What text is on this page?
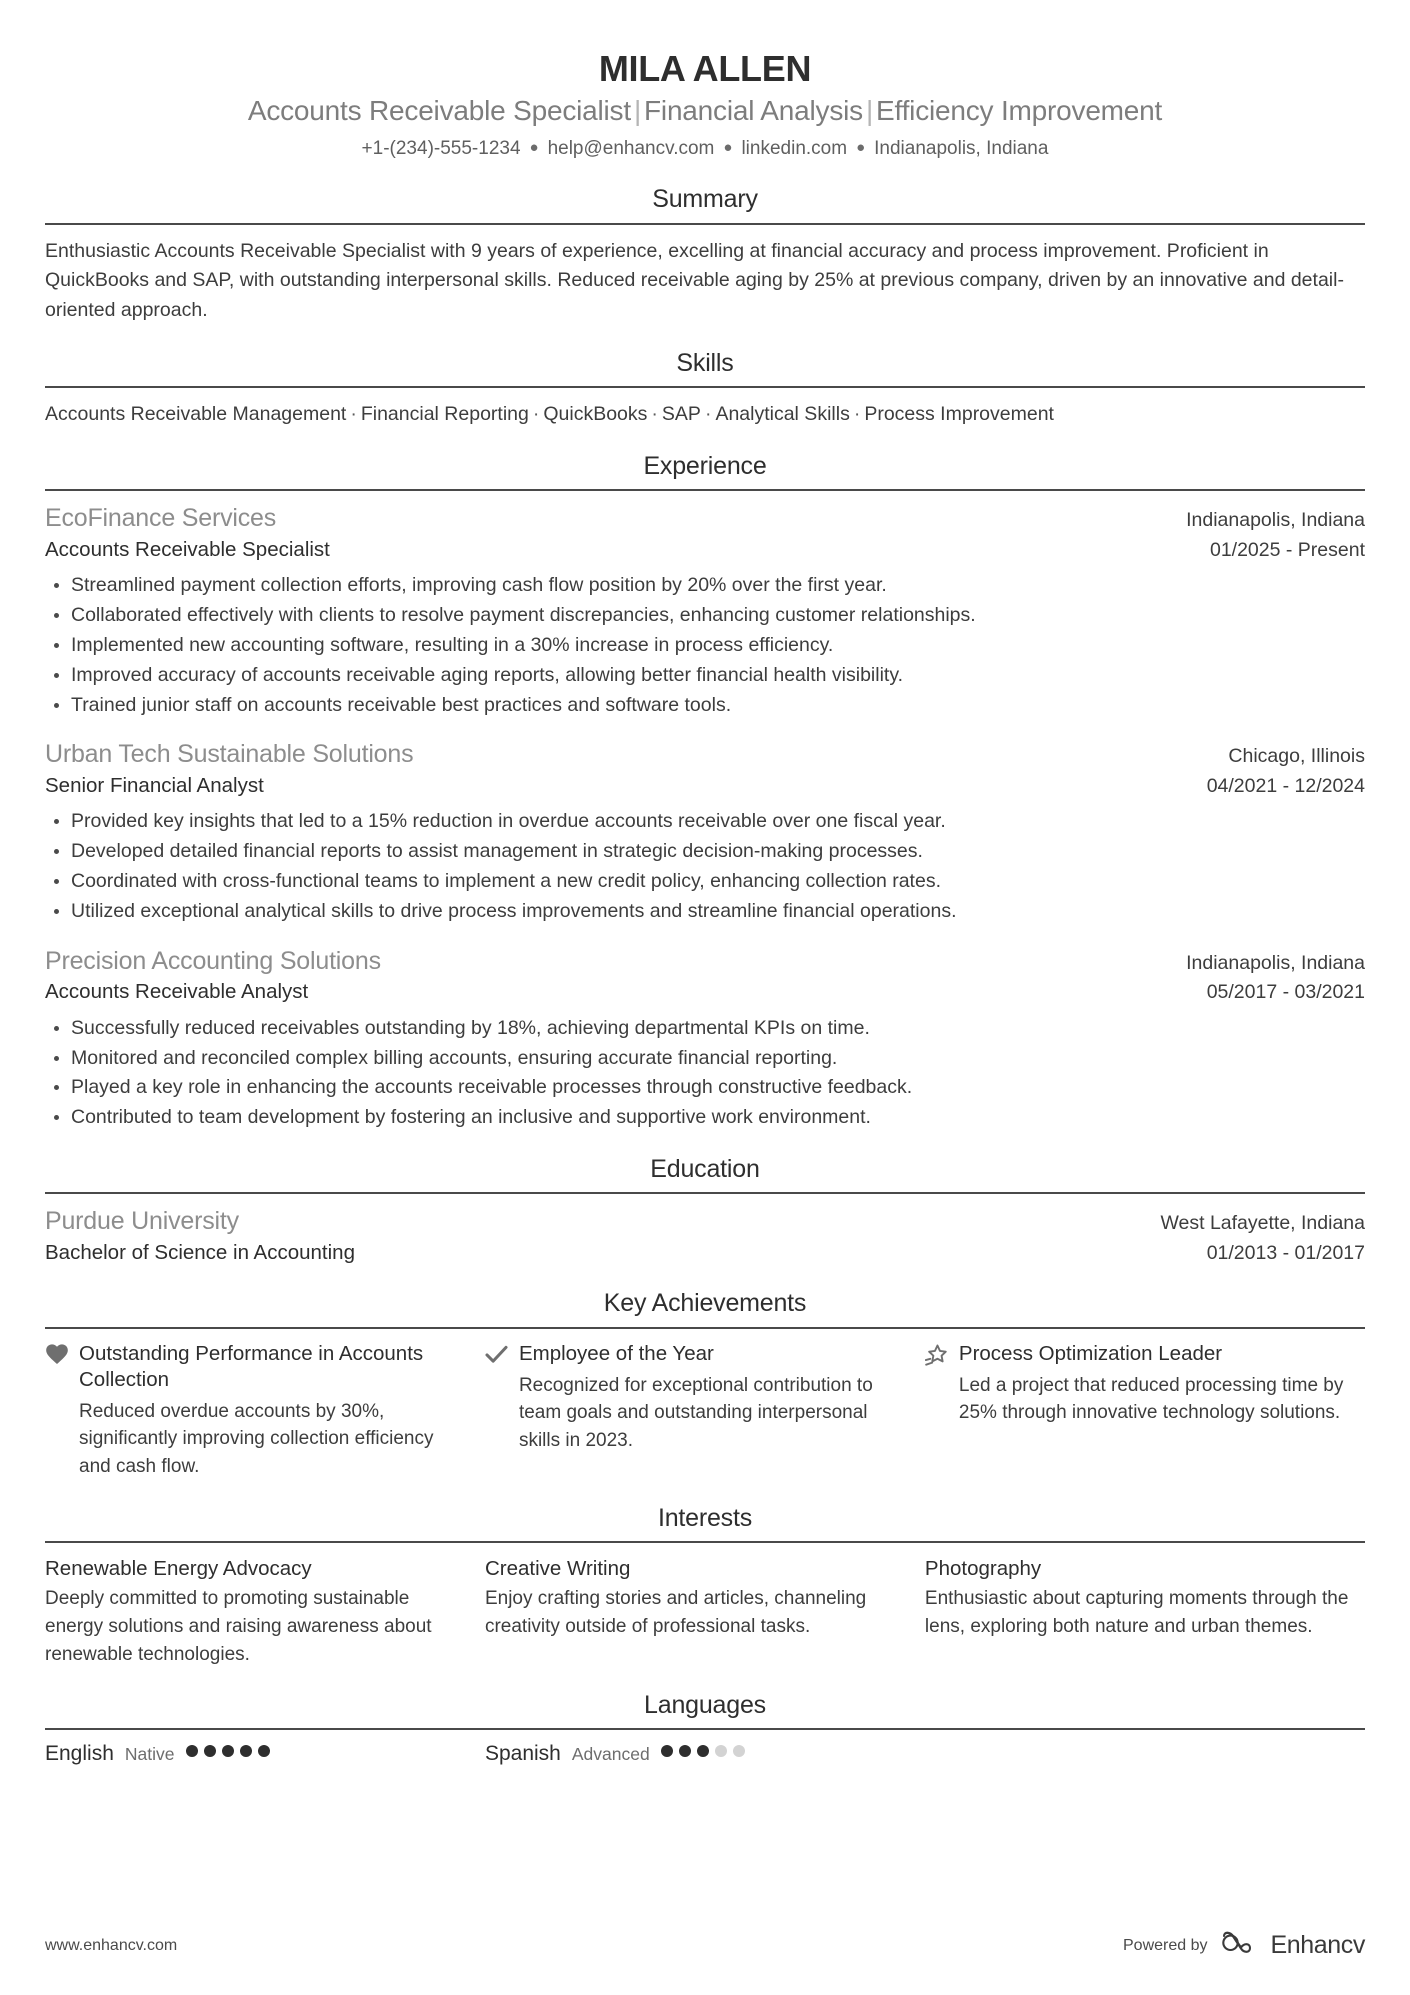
MILA ALLEN
Accounts Receivable Specialist | Financial Analysis | Efficiency Improvement
+1-(234)-555-1234 ● help@enhancv.com ● linkedin.com ● Indianapolis, Indiana
Summary
Enthusiastic Accounts Receivable Specialist with 9 years of experience, excelling at financial accuracy and process improvement. Proficient in QuickBooks and SAP, with outstanding interpersonal skills. Reduced receivable aging by 25% at previous company, driven by an innovative and detail-oriented approach.
Skills
Accounts Receivable Management · Financial Reporting · QuickBooks · SAP · Analytical Skills · Process Improvement
Experience
EcoFinance Services	Indianapolis, Indiana
Accounts Receivable Specialist	01/2025 - Present
Streamlined payment collection efforts, improving cash flow position by 20% over the first year.
Collaborated effectively with clients to resolve payment discrepancies, enhancing customer relationships.
Implemented new accounting software, resulting in a 30% increase in process efficiency.
Improved accuracy of accounts receivable aging reports, allowing better financial health visibility.
Trained junior staff on accounts receivable best practices and software tools.
Urban Tech Sustainable Solutions	Chicago, Illinois
Senior Financial Analyst	04/2021 - 12/2024
Provided key insights that led to a 15% reduction in overdue accounts receivable over one fiscal year.
Developed detailed financial reports to assist management in strategic decision-making processes.
Coordinated with cross-functional teams to implement a new credit policy, enhancing collection rates.
Utilized exceptional analytical skills to drive process improvements and streamline financial operations.
Precision Accounting Solutions	Indianapolis, Indiana
Accounts Receivable Analyst	05/2017 - 03/2021
Successfully reduced receivables outstanding by 18%, achieving departmental KPIs on time.
Monitored and reconciled complex billing accounts, ensuring accurate financial reporting.
Played a key role in enhancing the accounts receivable processes through constructive feedback.
Contributed to team development by fostering an inclusive and supportive work environment.
Education
Purdue University	West Lafayette, Indiana
Bachelor of Science in Accounting	01/2013 - 01/2017
Key Achievements
Outstanding Performance in Accounts Collection
Reduced overdue accounts by 30%, significantly improving collection efficiency and cash flow.
Employee of the Year
Recognized for exceptional contribution to team goals and outstanding interpersonal skills in 2023.
Process Optimization Leader
Led a project that reduced processing time by 25% through innovative technology solutions.
Interests
Renewable Energy Advocacy
Deeply committed to promoting sustainable energy solutions and raising awareness about renewable technologies.
Creative Writing
Enjoy crafting stories and articles, channeling creativity outside of professional tasks.
Photography
Enthusiastic about capturing moments through the lens, exploring both nature and urban themes.
Languages
English Native	Spanish Advanced
www.enhancv.com	Powered by	Enhancv
